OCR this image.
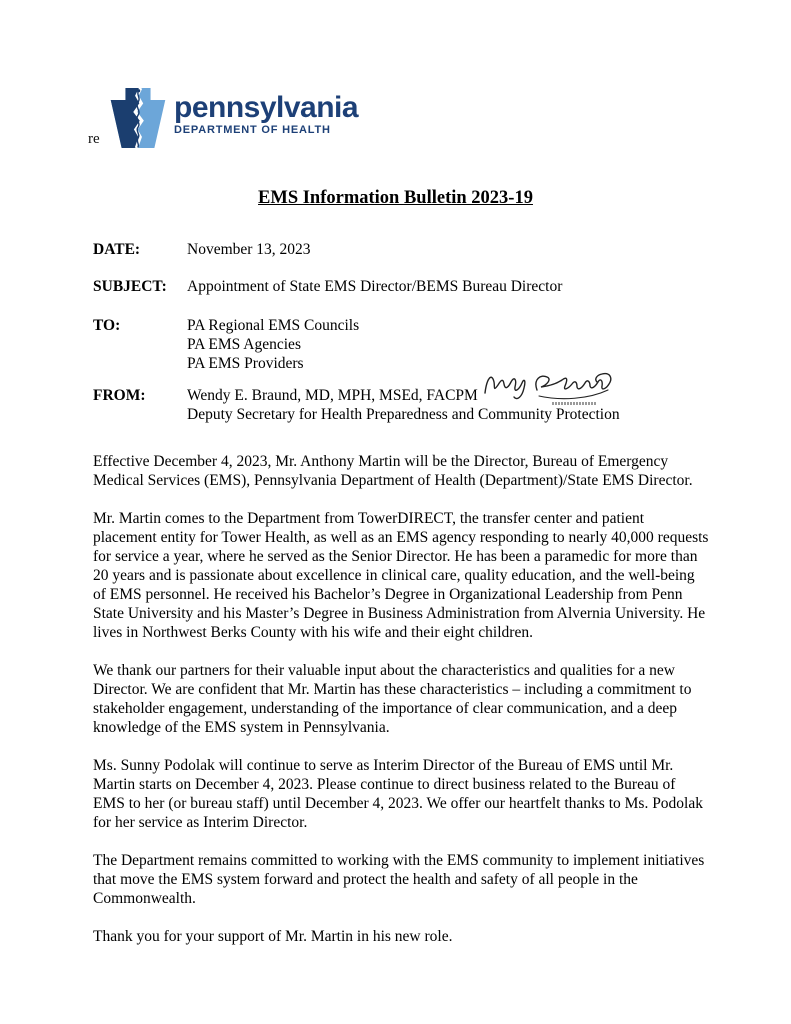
re
pennsylvania
DEPARTMENT OF HEALTH
EMS Information Bulletin 2023-19
DATE:	November 13, 2023
SUBJECT: Appointment of State EMS Director/BEMS Bureau Director
TO:	PA Regional EMS Councils
PA EMS Agencies
PA EMS Providers
FROM:	Wendy E. Braund, MD, MPH, MSEd, FACPM
Deputy Secretary for Health Preparedness and Community Protection

Effective December 4, 2023, Mr. Anthony Martin will be the Director, Bureau of Emergency Medical Services (EMS), Pennsylvania Department of Health (Department)/State EMS Director.

Mr. Martin comes to the Department from TowerDIRECT, the transfer center and patient placement entity for Tower Health, as well as an EMS agency responding to nearly 40,000 requests for service a year, where he served as the Senior Director. He has been a paramedic for more than 20 years and is passionate about excellence in clinical care, quality education, and the well-being of EMS personnel. He received his Bachelor’s Degree in Organizational Leadership from Penn State University and his Master’s Degree in Business Administration from Alvernia University. He lives in Northwest Berks County with his wife and their eight children.

We thank our partners for their valuable input about the characteristics and qualities for a new Director. We are confident that Mr. Martin has these characteristics – including a commitment to stakeholder engagement, understanding of the importance of clear communication, and a deep knowledge of the EMS system in Pennsylvania.

Ms. Sunny Podolak will continue to serve as Interim Director of the Bureau of EMS until Mr. Martin starts on December 4, 2023. Please continue to direct business related to the Bureau of EMS to her (or bureau staff) until December 4, 2023. We offer our heartfelt thanks to Ms. Podolak for her service as Interim Director.

The Department remains committed to working with the EMS community to implement initiatives that move the EMS system forward and protect the health and safety of all people in the Commonwealth.

Thank you for your support of Mr. Martin in his new role.
